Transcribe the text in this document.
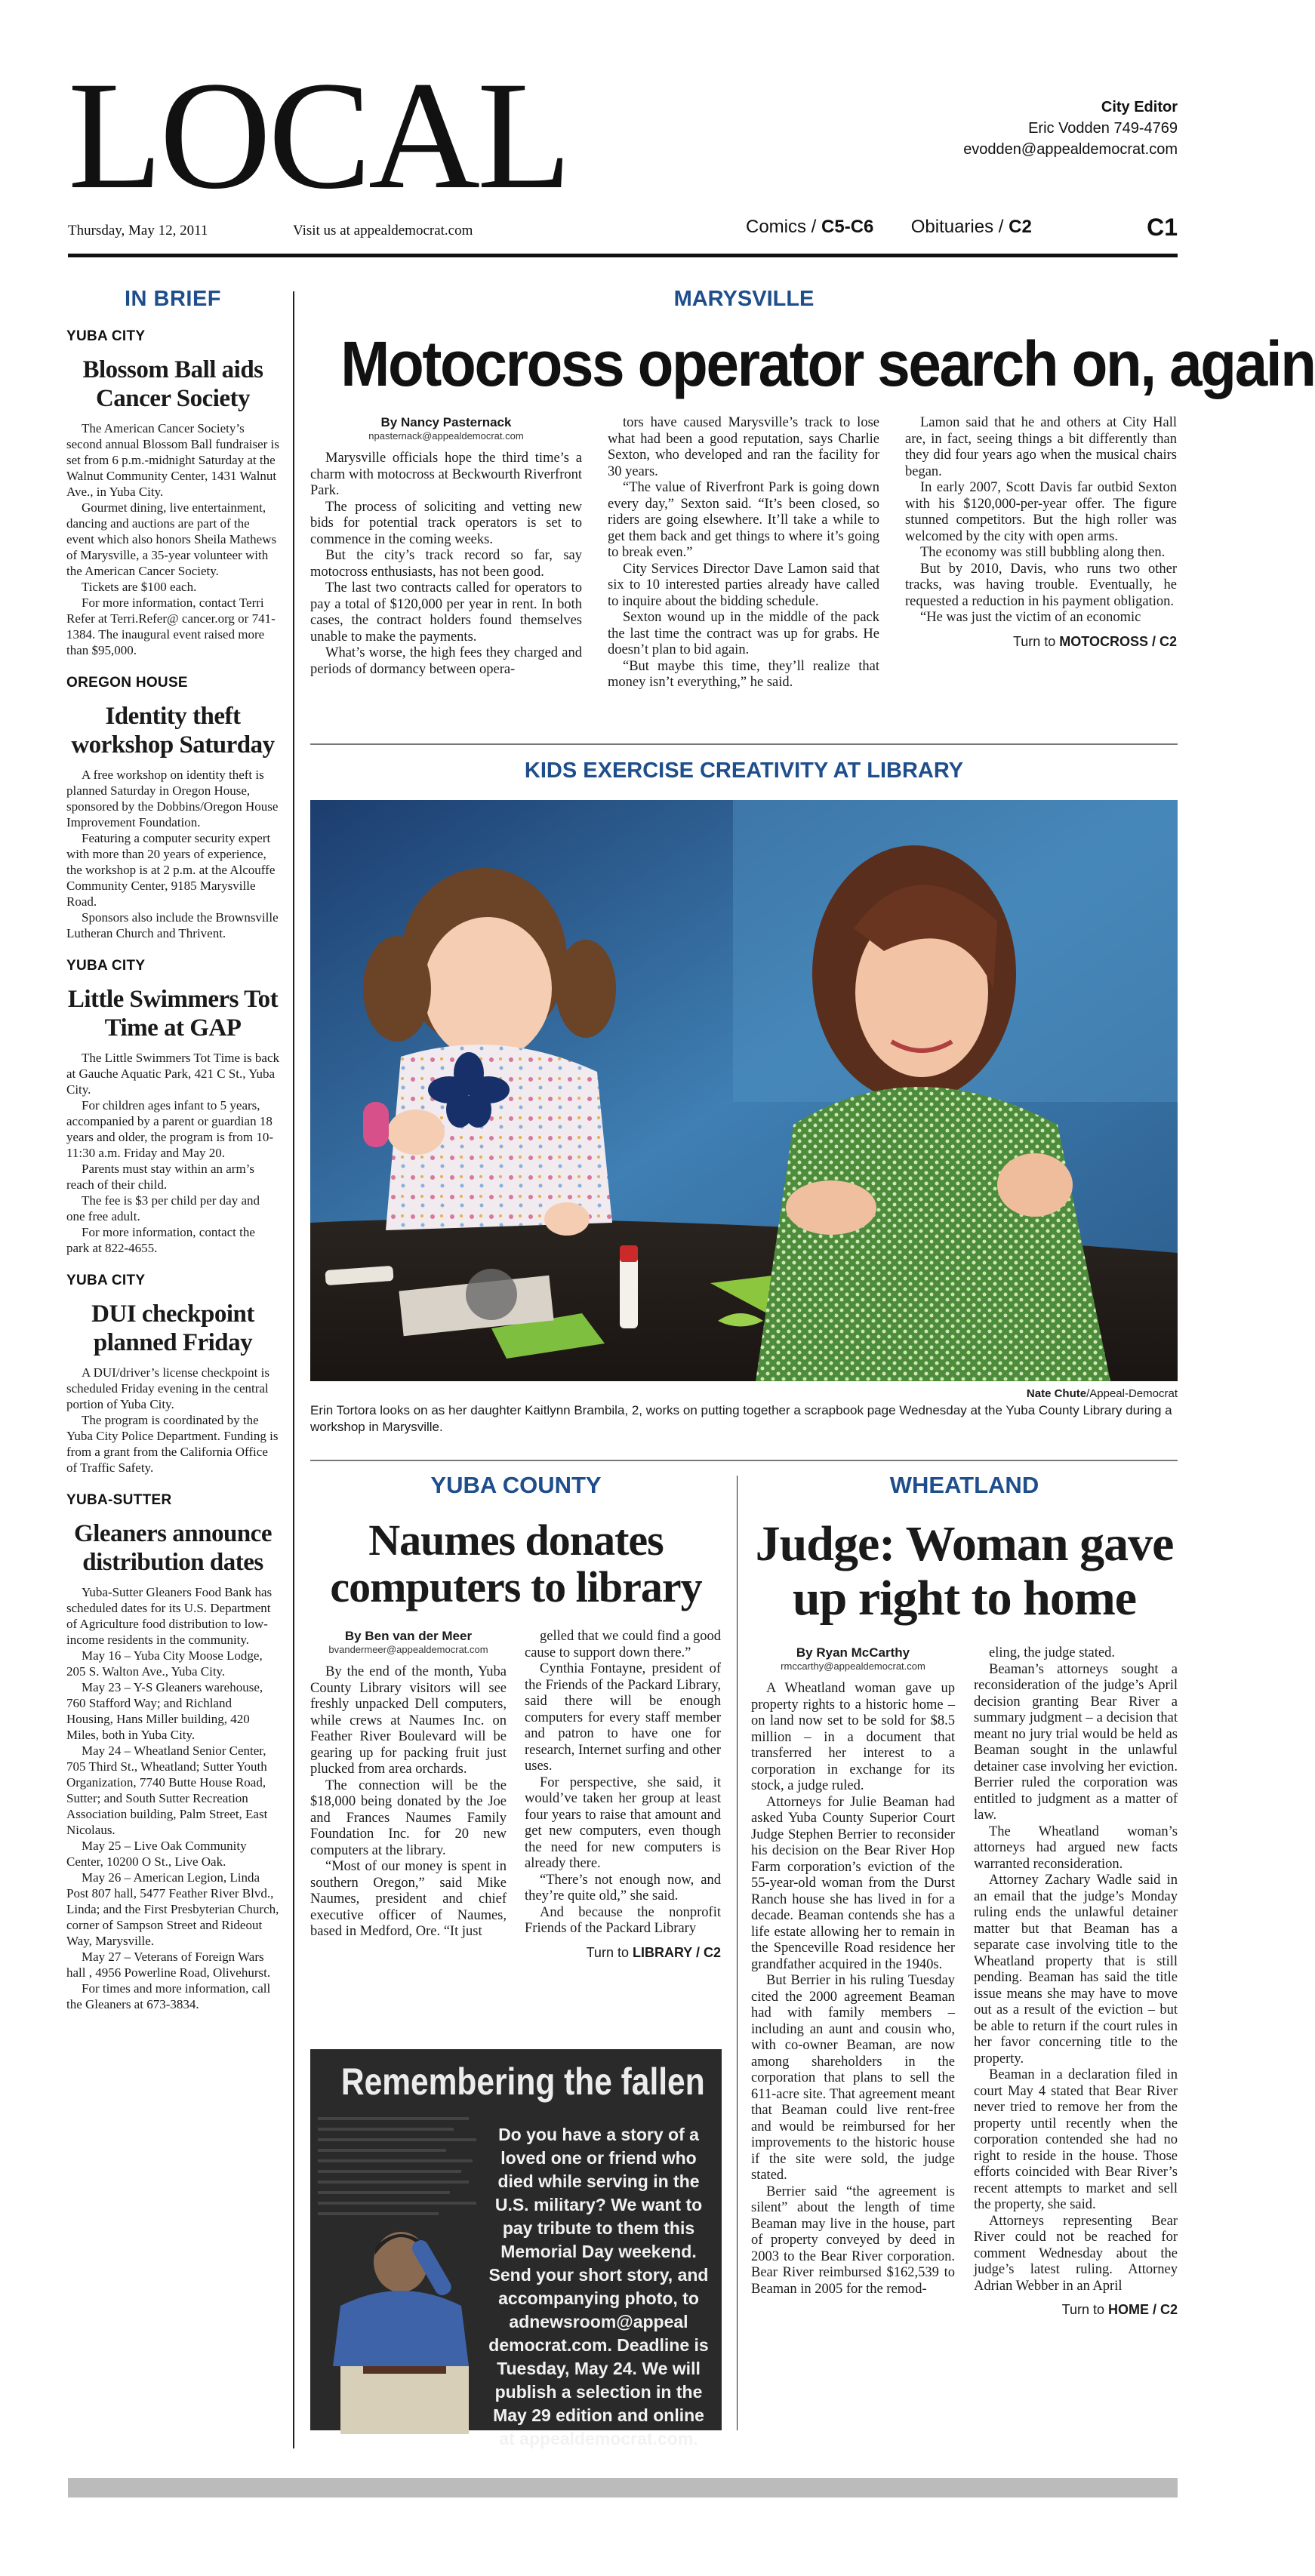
LOCAL	City Editor
Eric Vodden 749-4769
evodden@appealdemocrat.com
Thursday, May 12, 2011	Visit us at appealdemocrat.com	Comics / C5-C6 Obituaries / C2	C1
IN BRIEF
YUBA CITY
Blossom Ball aids Cancer Society

The American Cancer Society’s second annual Blossom Ball fundraiser is set from 6 p.m.-midnight Saturday at the Walnut Community Center, 1431 Walnut Ave., in Yuba City.

Gourmet dining, live entertainment, dancing and auctions are part of the event which also honors Sheila Mathews of Marysville, a 35-year volunteer with the American Cancer Society.

Tickets are $100 each.

For more information, contact Terri Refer at Terri.Refer@ cancer.org or 741-1384. The inaugural event raised more than $95,000.

OREGON HOUSE
Identity theft workshop Saturday

A free workshop on identity theft is planned Saturday in Oregon House, sponsored by the Dobbins/Oregon House Improvement Foundation.

Featuring a computer security expert with more than 20 years of experience, the workshop is at 2 p.m. at the Alcouffe Community Center, 9185 Marysville Road.

Sponsors also include the Brownsville Lutheran Church and Thrivent.

YUBA CITY
Little Swimmers Tot Time at GAP

The Little Swimmers Tot Time is back at Gauche Aquatic Park, 421 C St., Yuba City.

For children ages infant to 5 years, accompanied by a parent or guardian 18 years and older, the program is from 10-11:30 a.m. Friday and May 20.

Parents must stay within an arm’s reach of their child.

The fee is $3 per child per day and one free adult.

For more information, contact the park at 822-4655.

YUBA CITY
DUI checkpoint planned Friday

A DUI/driver’s license checkpoint is scheduled Friday evening in the central portion of Yuba City.

The program is coordinated by the Yuba City Police Department. Funding is from a grant from the California Office of Traffic Safety.

YUBA-SUTTER
Gleaners announce distribution dates

Yuba-Sutter Gleaners Food Bank has scheduled dates for its U.S. Department of Agriculture food distribution to low-income residents in the community.

May 16 – Yuba City Moose Lodge, 205 S. Walton Ave., Yuba City.

May 23 – Y-S Gleaners warehouse, 760 Stafford Way; and Richland Housing, Hans Miller building, 420 Miles, both in Yuba City.

May 24 – Wheatland Senior Center, 705 Third St., Wheatland; Sutter Youth Organization, 7740 Butte House Road, Sutter; and South Sutter Recreation Association building, Palm Street, East Nicolaus.

May 25 – Live Oak Community Center, 10200 O St., Live Oak.

May 26 – American Legion, Linda Post 807 hall, 5477 Feather River Blvd., Linda; and the First Presbyterian Church, corner of Sampson Street and Rideout Way, Marysville.

May 27 – Veterans of Foreign Wars hall , 4956 Powerline Road, Olivehurst.

For times and more information, call the Gleaners at 673-3834.

MARYSVILLE
Motocross operator search on, again
By Nancy Pasternack
npasternack@appealdemocrat.com

Marysville officials hope the third time’s a charm with motocross at Beckwourth Riverfront Park.

The process of soliciting and vetting new bids for potential track operators is set to commence in the coming weeks.

But the city’s track record so far, say motocross enthusiasts, has not been good.

The last two contracts called for operators to pay a total of $120,000 per year in rent. In both cases, the contract holders found themselves unable to make the payments.

What’s worse, the high fees they charged and periods of dormancy between opera-

tors have caused Marysville’s track to lose what had been a good reputation, says Charlie Sexton, who developed and ran the facility for 30 years.

“The value of Riverfront Park is going down every day,” Sexton said. “It’s been closed, so riders are going elsewhere. It’ll take a while to get them back and get things to where it’s going to break even.”

City Services Director Dave Lamon said that six to 10 interested parties already have called to inquire about the bidding schedule.

Sexton wound up in the middle of the pack the last time the contract was up for grabs. He doesn’t plan to bid again.

“But maybe this time, they’ll realize that money isn’t everything,” he said.

Lamon said that he and others at City Hall are, in fact, seeing things a bit differently than they did four years ago when the musical chairs began.

In early 2007, Scott Davis far outbid Sexton with his $120,000-per-year offer. The figure stunned competitors. But the high roller was welcomed by the city with open arms.

The economy was still bubbling along then.

But by 2010, Davis, who runs two other tracks, was having trouble. Eventually, he requested a reduction in his payment obligation.

“He was just the victim of an economic

Turn to MOTOCROSS / C2
KIDS EXERCISE CREATIVITY AT LIBRARY
Nate Chute/Appeal-Democrat
Erin Tortora looks on as her daughter Kaitlynn Brambila, 2, works on putting together a scrapbook page Wednesday at the Yuba County Library during a workshop in Marysville.
YUBA COUNTY
Naumes donates computers to library
By Ben van der Meer
bvandermeer@appealdemocrat.com

By the end of the month, Yuba County Library visitors will see freshly unpacked Dell computers, while crews at Naumes Inc. on Feather River Boulevard will be gearing up for packing fruit just plucked from area orchards.

The connection will be the $18,000 being donated by the Joe and Frances Naumes Family Foundation Inc. for 20 new computers at the library.

“Most of our money is spent in southern Oregon,” said Mike Naumes, president and chief executive officer of Naumes, based in Medford, Ore. “It just

gelled that we could find a good cause to support down there.”

Cynthia Fontayne, president of the Friends of the Packard Library, said there will be enough computers for every staff member and patron to have one for research, Internet surfing and other uses.

For perspective, she said, it would’ve taken her group at least four years to raise that amount and get new computers, even though the need for new computers is already there.

“There’s not enough now, and they’re quite old,” she said.

And because the nonprofit Friends of the Packard Library

Turn to LIBRARY / C2
Remembering the fallen
Do you have a story of a loved one or friend who died while serving in the U.S. military? We want to pay tribute to them this Memorial Day weekend. Send your short story, and accompanying photo, to adnewsroom@appeal democrat.com. Deadline is Tuesday, May 24. We will publish a selection in the May 29 edition and online at appealdemocrat.com.
WHEATLAND
Judge: Woman gave up right to home
By Ryan McCarthy
rmccarthy@appealdemocrat.com

A Wheatland woman gave up property rights to a historic home – on land now set to be sold for $8.5 million – in a document that transferred her interest to a corporation in exchange for its stock, a judge ruled.

Attorneys for Julie Beaman had asked Yuba County Superior Court Judge Stephen Berrier to reconsider his decision on the Bear River Hop Farm corporation’s eviction of the 55-year-old woman from the Durst Ranch house she has lived in for a decade. Beaman contends she has a life estate allowing her to remain in the Spenceville Road residence her grandfather acquired in the 1940s.

But Berrier in his ruling Tuesday cited the 2000 agreement Beaman had with family members – including an aunt and cousin who, with co-owner Beaman, are now among shareholders in the corporation that plans to sell the 611-acre site. That agreement meant that Beaman could live rent-free and would be reimbursed for her improvements to the historic house if the site were sold, the judge stated.

Berrier said “the agreement is silent” about the length of time Beaman may live in the house, part of property conveyed by deed in 2003 to the Bear River corporation. Bear River reimbursed $162,539 to Beaman in 2005 for the remod-

eling, the judge stated.

Beaman’s attorneys sought a reconsideration of the judge’s April decision granting Bear River a summary judgment – a decision that meant no jury trial would be held as Beaman sought in the unlawful detainer case involving her eviction. Berrier ruled the corporation was entitled to judgment as a matter of law.

The Wheatland woman’s attorneys had argued new facts warranted reconsideration.

Attorney Zachary Wadle said in an email that the judge’s Monday ruling ends the unlawful detainer matter but that Beaman has a separate case involving title to the Wheatland property that is still pending. Beaman has said the title issue means she may have to move out as a result of the eviction – but be able to return if the court rules in her favor concerning title to the property.

Beaman in a declaration filed in court May 4 stated that Bear River never tried to remove her from the property until recently when the corporation contended she had no right to reside in the house. Those efforts coincided with Bear River’s recent attempts to market and sell the property, she said.

Attorneys representing Bear River could not be reached for comment Wednesday about the judge’s latest ruling. Attorney Adrian Webber in an April

Turn to HOME / C2
